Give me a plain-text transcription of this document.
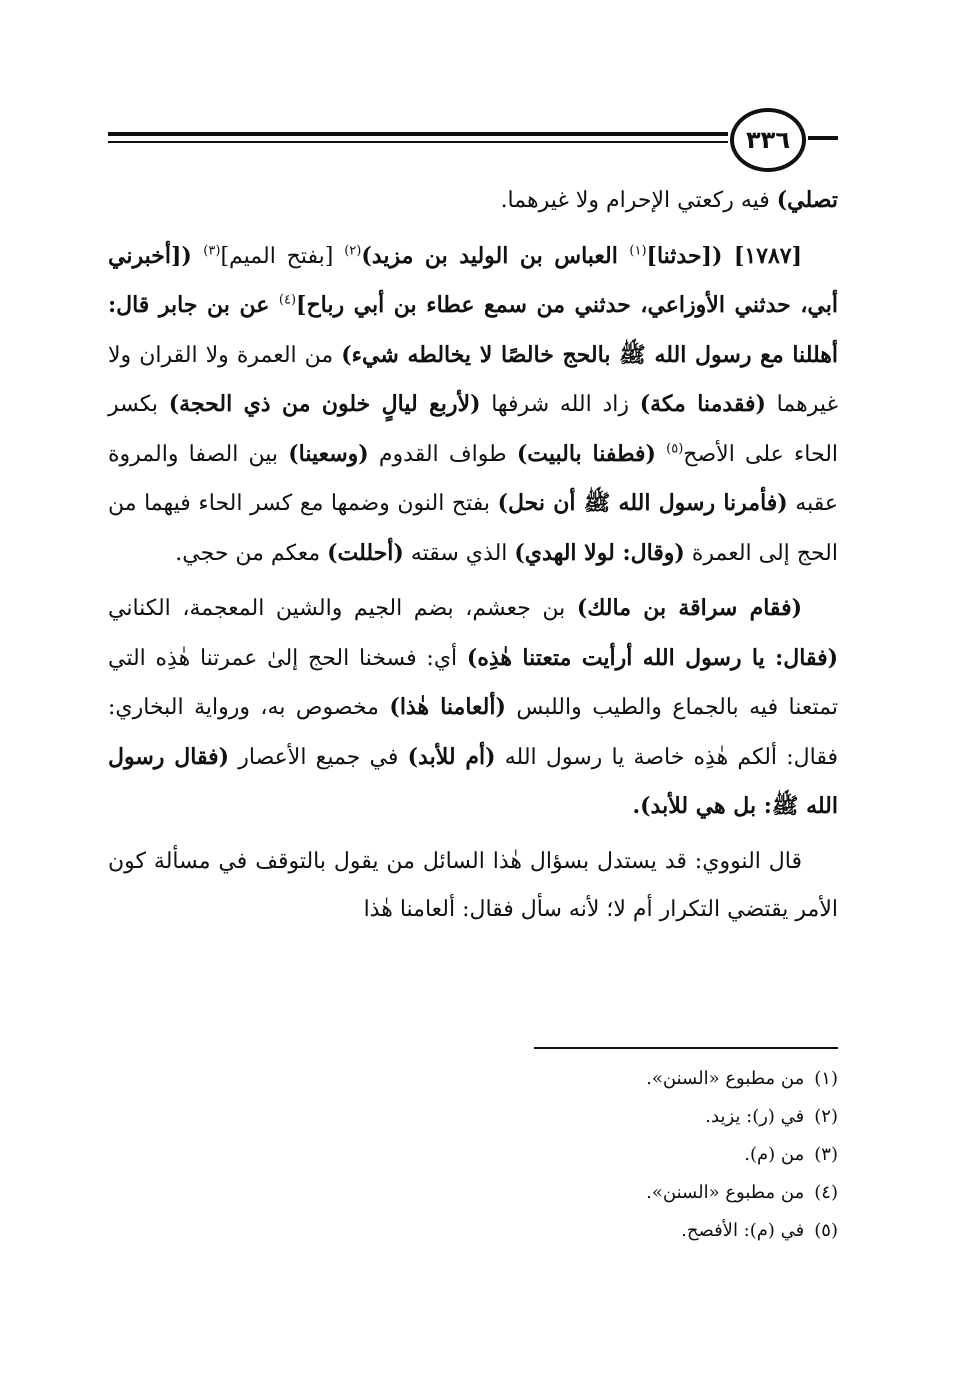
٣٣٦

تصلي) فيه ركعتي الإحرام ولا غيرهما.

[١٧٨٧] ([حدثنا]$^{(١)}$ العباس بن الوليد بن مزيد)$^{(٢)}$ [بفتح الميم]$^{(٣)}$ ([أخبرني أبي، حدثني الأوزاعي، حدثني من سمع عطاء بن أبي رباح]$^{(٤)}$ عن بن جابر قال: أهللنا مع رسول الله ﷺ بالحج خالصًا لا يخالطه شيء) من العمرة ولا القران ولا غيرهما (فقدمنا مكة) زاد الله شرفها (لأربع ليالٍ خلون من ذي الحجة) بكسر الحاء على الأصح$^{(٥)}$ (فطفنا بالبيت) طواف القدوم (وسعينا) بين الصفا والمروة عقبه (فأمرنا رسول الله ﷺ أن نحل) بفتح النون وضمها مع كسر الحاء فيهما من الحج إلى العمرة (وقال: لولا الهدي) الذي سقته (أحللت) معكم من حجي.

(فقام سراقة بن مالك) بن جعشم، بضم الجيم والشين المعجمة، الكناني (فقال: يا رسول الله أرأيت متعتنا هٰذِه) أي: فسخنا الحج إلىٰ عمرتنا هٰذِه التي تمتعنا فيه بالجماع والطيب واللبس (ألعامنا هٰذا) مخصوص به، ورواية البخاري: فقال: ألكم هٰذِه خاصة يا رسول الله (أم للأبد) في جميع الأعصار (فقال رسول الله ﷺ: بل هي للأبد).

قال النووي: قد يستدل بسؤال هٰذا السائل من يقول بالتوقف في مسألة كون الأمر يقتضي التكرار أم لا؛ لأنه سأل فقال: ألعامنا هٰذا

(١)من مطبوع «السنن».
(٢)في (ر): يزيد.
(٣)من (م).
(٤)من مطبوع «السنن».
(٥)في (م): الأفصح.
